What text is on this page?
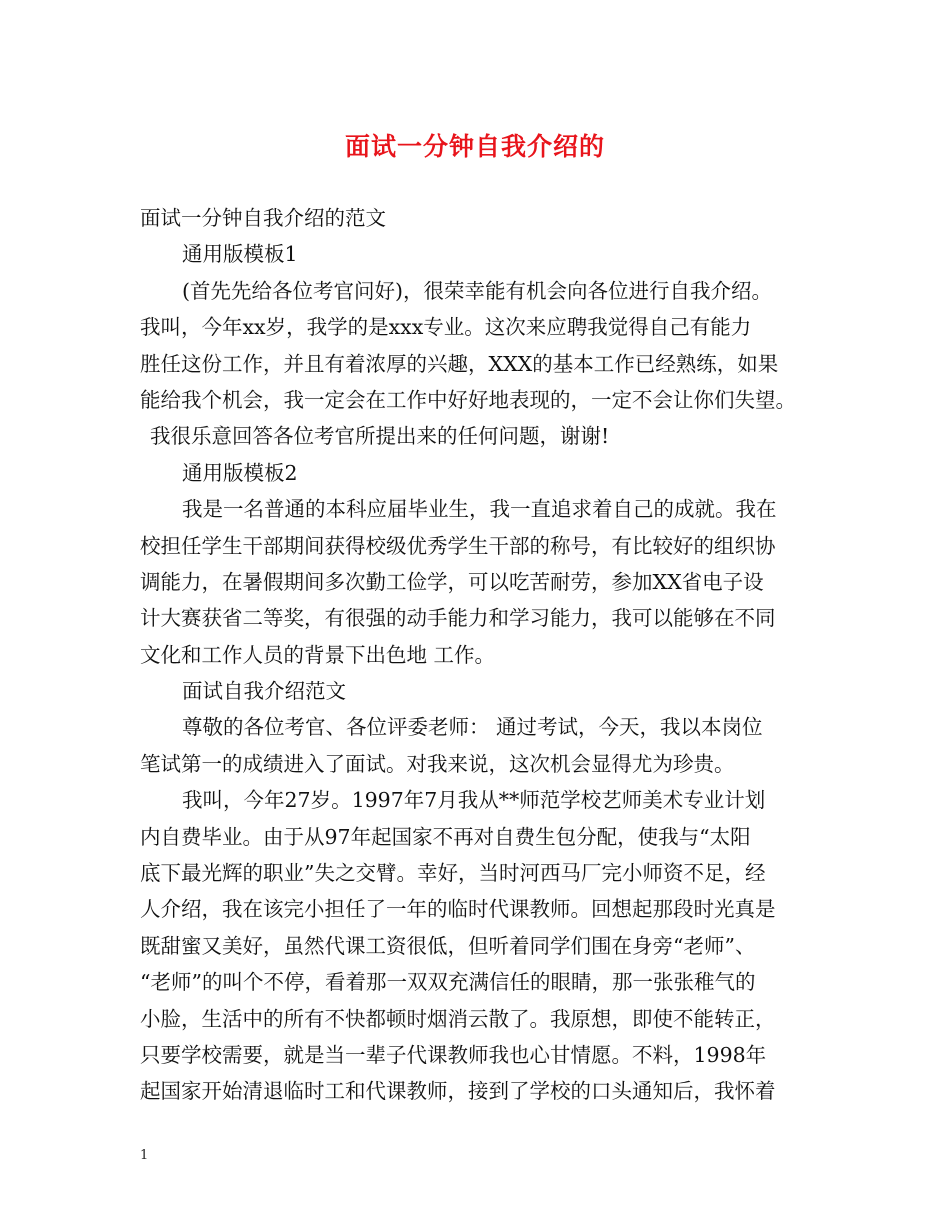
面试一分钟自我介绍的
面试一分钟自我介绍的范文
通用版模板1
(首先先给各位考官问好)，很荣幸能有机会向各位进行自我介绍。
我叫，今年xx岁，我学的是xxx专业。这次来应聘我觉得自己有能力
胜任这份工作，并且有着浓厚的兴趣，XXX的基本工作已经熟练，如果
能给我个机会，我一定会在工作中好好地表现的，一定不会让你们失望。
我很乐意回答各位考官所提出来的任何问题，谢谢!
通用版模板2
我是一名普通的本科应届毕业生，我一直追求着自己的成就。我在
校担任学生干部期间获得校级优秀学生干部的称号，有比较好的组织协
调能力，在暑假期间多次勤工俭学，可以吃苦耐劳，参加XX省电子设
计大赛获省二等奖，有很强的动手能力和学习能力，我可以能够在不同
文化和工作人员的背景下出色地 工作。
面试自我介绍范文
尊敬的各位考官、各位评委老师： 通过考试，今天，我以本岗位
笔试第一的成绩进入了面试。对我来说，这次机会显得尤为珍贵。
我叫，今年27岁。1997年7月我从**师范学校艺师美术专业计划
内自费毕业。由于从97年起国家不再对自费生包分配，使我与“太阳
底下最光辉的职业”失之交臂。幸好，当时河西马厂完小师资不足，经
人介绍，我在该完小担任了一年的临时代课教师。回想起那段时光真是
既甜蜜又美好，虽然代课工资很低，但听着同学们围在身旁“老师”、
“老师”的叫个不停，看着那一双双充满信任的眼睛，那一张张稚气的
小脸，生活中的所有不快都顿时烟消云散了。我原想，即使不能转正，
只要学校需要，就是当一辈子代课教师我也心甘情愿。不料，1998年
起国家开始清退临时工和代课教师，接到了学校的口头通知后，我怀着
1
